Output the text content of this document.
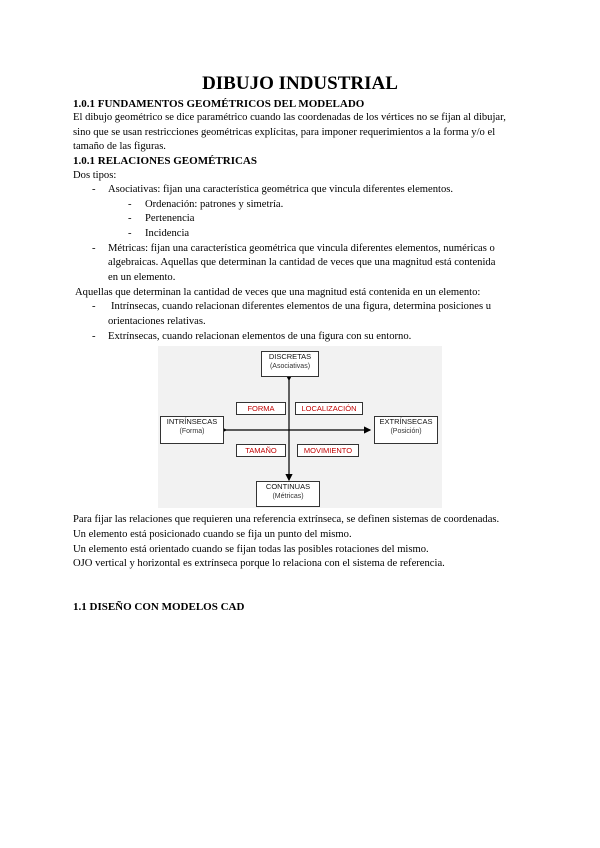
DIBUJO INDUSTRIAL
1.0.1 FUNDAMENTOS GEOMÉTRICOS DEL MODELADO
El dibujo geométrico se dice paramétrico cuando las coordenadas de los vértices no se fijan al dibujar,
sino que se usan restricciones geométricas explícitas, para imponer requerimientos a la forma y/o el
tamaño de las figuras.
1.0.1 RELACIONES GEOMÉTRICAS
Dos tipos:
- Asociativas: fijan una característica geométrica que vincula diferentes elementos.
- Ordenación: patrones y simetría.
- Pertenencia
- Incidencia
- Métricas: fijan una característica geométrica que vincula diferentes elementos, numéricas o
algebraicas. Aquellas que determinan la cantidad de veces que una magnitud está contenida
en un elemento.
Aquellas que determinan la cantidad de veces que una magnitud está contenida en un elemento:
- Intrínsecas, cuando relacionan diferentes elementos de una figura, determina posiciones u
orientaciones relativas.
- Extrínsecas, cuando relacionan elementos de una figura con su entorno.
DISCRETAS
(Asociativas)
CONTINUAS
(Métricas)
INTRÍNSECAS
(Forma)
EXTRÍNSECAS
(Posición)
FORMA	LOCALIZACIÓN
TAMAÑO	MOVIMIENTO
Para fijar las relaciones que requieren una referencia extrínseca, se definen sistemas de coordenadas.
Un elemento está posicionado cuando se fija un punto del mismo.
Un elemento está orientado cuando se fijan todas las posibles rotaciones del mismo.
OJO vertical y horizontal es extrínseca porque lo relaciona con el sistema de referencia.
1.1 DISEÑO CON MODELOS CAD
